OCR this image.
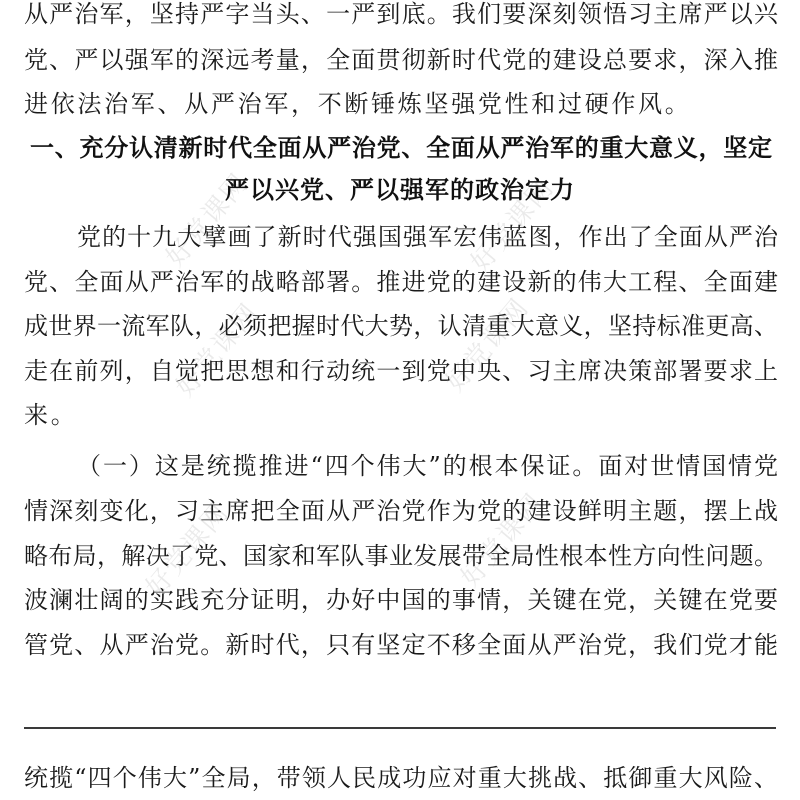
好党课网	好党课网
好党课网	好党课网
好党课网	好党课网
从严治军，坚持严字当头、一严到底。我们要深刻领悟习主席严以兴
党、严以强军的深远考量，全面贯彻新时代党的建设总要求，深入推
进依法治军、从严治军，不断锤炼坚强党性和过硬作风。
一、充分认清新时代全面从严治党、全面从严治军的重大意义，坚定
严以兴党、严以强军的政治定力
党的十九大擘画了新时代强国强军宏伟蓝图，作出了全面从严治
党、全面从严治军的战略部署。推进党的建设新的伟大工程、全面建
成世界一流军队，必须把握时代大势，认清重大意义，坚持标准更高、
走在前列，自觉把思想和行动统一到党中央、习主席决策部署要求上
来。
（一）这是统揽推进“四个伟大”的根本保证。面对世情国情党
情深刻变化，习主席把全面从严治党作为党的建设鲜明主题，摆上战
略布局，解决了党、国家和军队事业发展带全局性根本性方向性问题。
波澜壮阔的实践充分证明，办好中国的事情，关键在党，关键在党要
管党、从严治党。新时代，只有坚定不移全面从严治党，我们党才能
统揽“四个伟大”全局，带领人民成功应对重大挑战、抵御重大风险、
